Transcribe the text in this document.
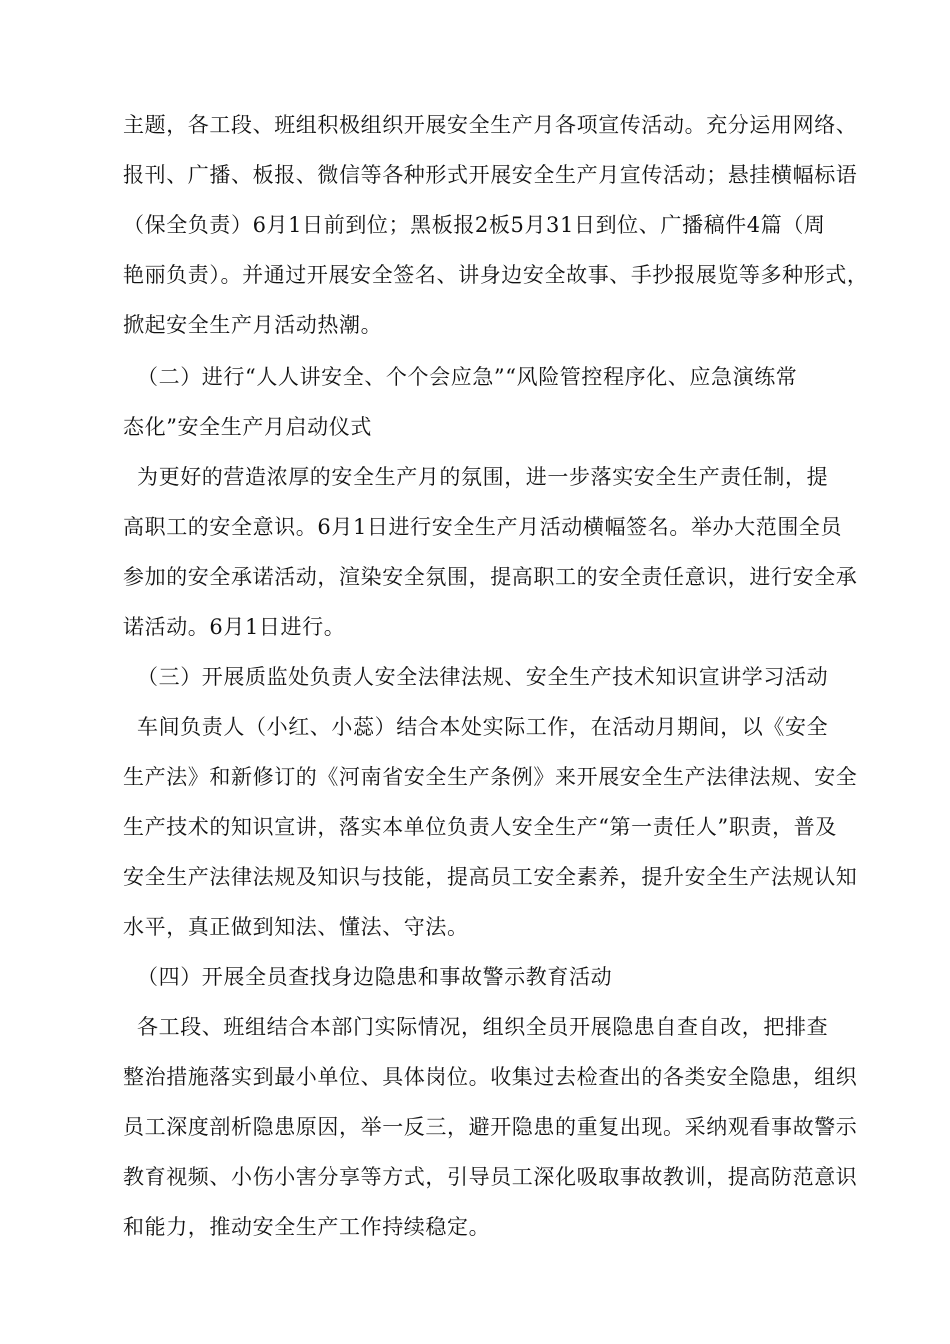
主题，各工段、班组积极组织开展安全生产月各项宣传活动。充分运用网络、
报刊、广播、板报、微信等各种形式开展安全生产月宣传活动；悬挂横幅标语
（保全负责）6月1日前到位；黑板报2板5月31日到位、广播稿件4篇（周
艳丽负责）。并通过开展安全签名、讲身边安全故事、手抄报展览等多种形式，
掀起安全生产月活动热潮。
（二）进行“人人讲安全、个个会应急”“风险管控程序化、应急演练常
态化”安全生产月启动仪式
为更好的营造浓厚的安全生产月的氛围，进一步落实安全生产责任制，提
高职工的安全意识。6月1日进行安全生产月活动横幅签名。举办大范围全员
参加的安全承诺活动，渲染安全氛围，提高职工的安全责任意识，进行安全承
诺活动。6月1日进行。
（三）开展质监处负责人安全法律法规、安全生产技术知识宣讲学习活动
车间负责人（小红、小蕊）结合本处实际工作，在活动月期间，以《安全
生产法》和新修订的《河南省安全生产条例》来开展安全生产法律法规、安全
生产技术的知识宣讲，落实本单位负责人安全生产“第一责任人”职责，普及
安全生产法律法规及知识与技能，提高员工安全素养，提升安全生产法规认知
水平，真正做到知法、懂法、守法。
（四）开展全员查找身边隐患和事故警示教育活动
各工段、班组结合本部门实际情况，组织全员开展隐患自查自改，把排查
整治措施落实到最小单位、具体岗位。收集过去检查出的各类安全隐患，组织
员工深度剖析隐患原因，举一反三，避开隐患的重复出现。采纳观看事故警示
教育视频、小伤小害分享等方式，引导员工深化吸取事故教训，提高防范意识
和能力，推动安全生产工作持续稳定。
